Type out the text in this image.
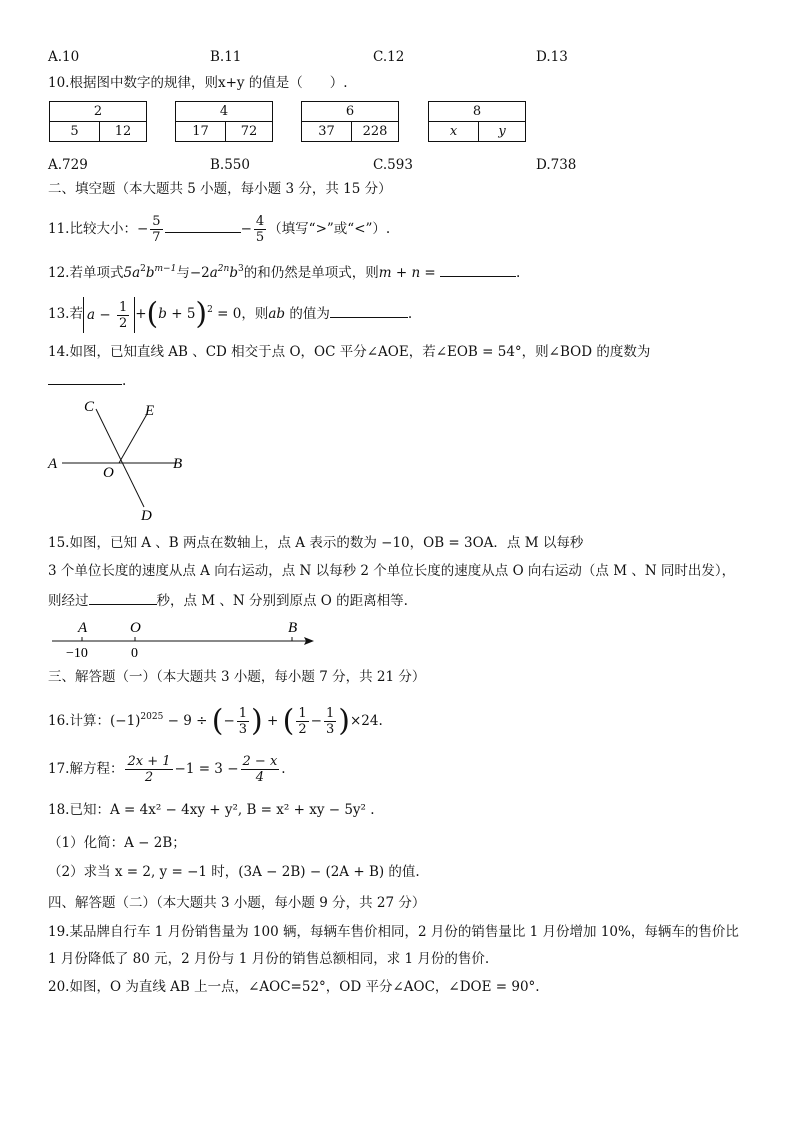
A.10	B.11	C.12	D.13
10.根据图中数字的规律，则x+y 的值是（　　）.
2
5	12
4
17	72
6
37	228
8
x	y
A.729	B.550	C.593	D.738
二、填空题（本大题共 5 小题，每小题 3 分，共 15 分）
11.比较大小：− $\frac{5}{7}$	− $\frac{4}{5}$ （填写“>”或“<”）.
12.若单项式$5a^2b^{m-1}$与$-2a^{2n}b^3$的和仍然是单项式，则m + n =	.
13.若 $a - \frac{1}{2} +(b + 5)^2 = 0$，则ab 的值为	.
14.如图，已知直线 AB 、CD 相交于点 O，OC 平分∠AOE，若∠EOB = 54°，则∠BOD 的度数为
.
C	E
A
O
B
D
15.如图，已知 A 、B 两点在数轴上，点 A 表示的数为 −10，OB = 3OA．点 M 以每秒
3 个单位长度的速度从点 A 向右运动，点 N 以每秒 2 个单位长度的速度从点 O 向右运动（点 M 、N 同时出发），
则经过	秒，点 M 、N 分别到原点 O 的距离相等.
A	O	B
−10	0
三、解答题（一）（本大题共 3 小题，每小题 7 分，共 21 分）
16.计算：$(-1)^{2025} - 9$ ÷ (− $\frac{1}{3}$ ) + ( $\frac{1}{2} - \frac{1}{3} )\times 24$.
17.解方程： $\frac{2x + 1}{2} -1 = 3 - \frac{2 - x}{4}$ .
18.已知：A = 4x² − 4xy + y², B = x² + xy − 5y² .
（1）化简：A − 2B；
（2）求当 x = 2, y = −1 时，(3A − 2B) − (2A + B) 的值.
四、解答题（二）（本大题共 3 小题，每小题 9 分，共 27 分）
19.某品牌自行车 1 月份销售量为 100 辆，每辆车售价相同，2 月份的销售量比 1 月份增加 10%，每辆车的售价比
1 月份降低了 80 元，2 月份与 1 月份的销售总额相同，求 1 月份的售价.
20.如图，O 为直线 AB 上一点，∠AOC=52°，OD 平分∠AOC，∠DOE = 90°.
